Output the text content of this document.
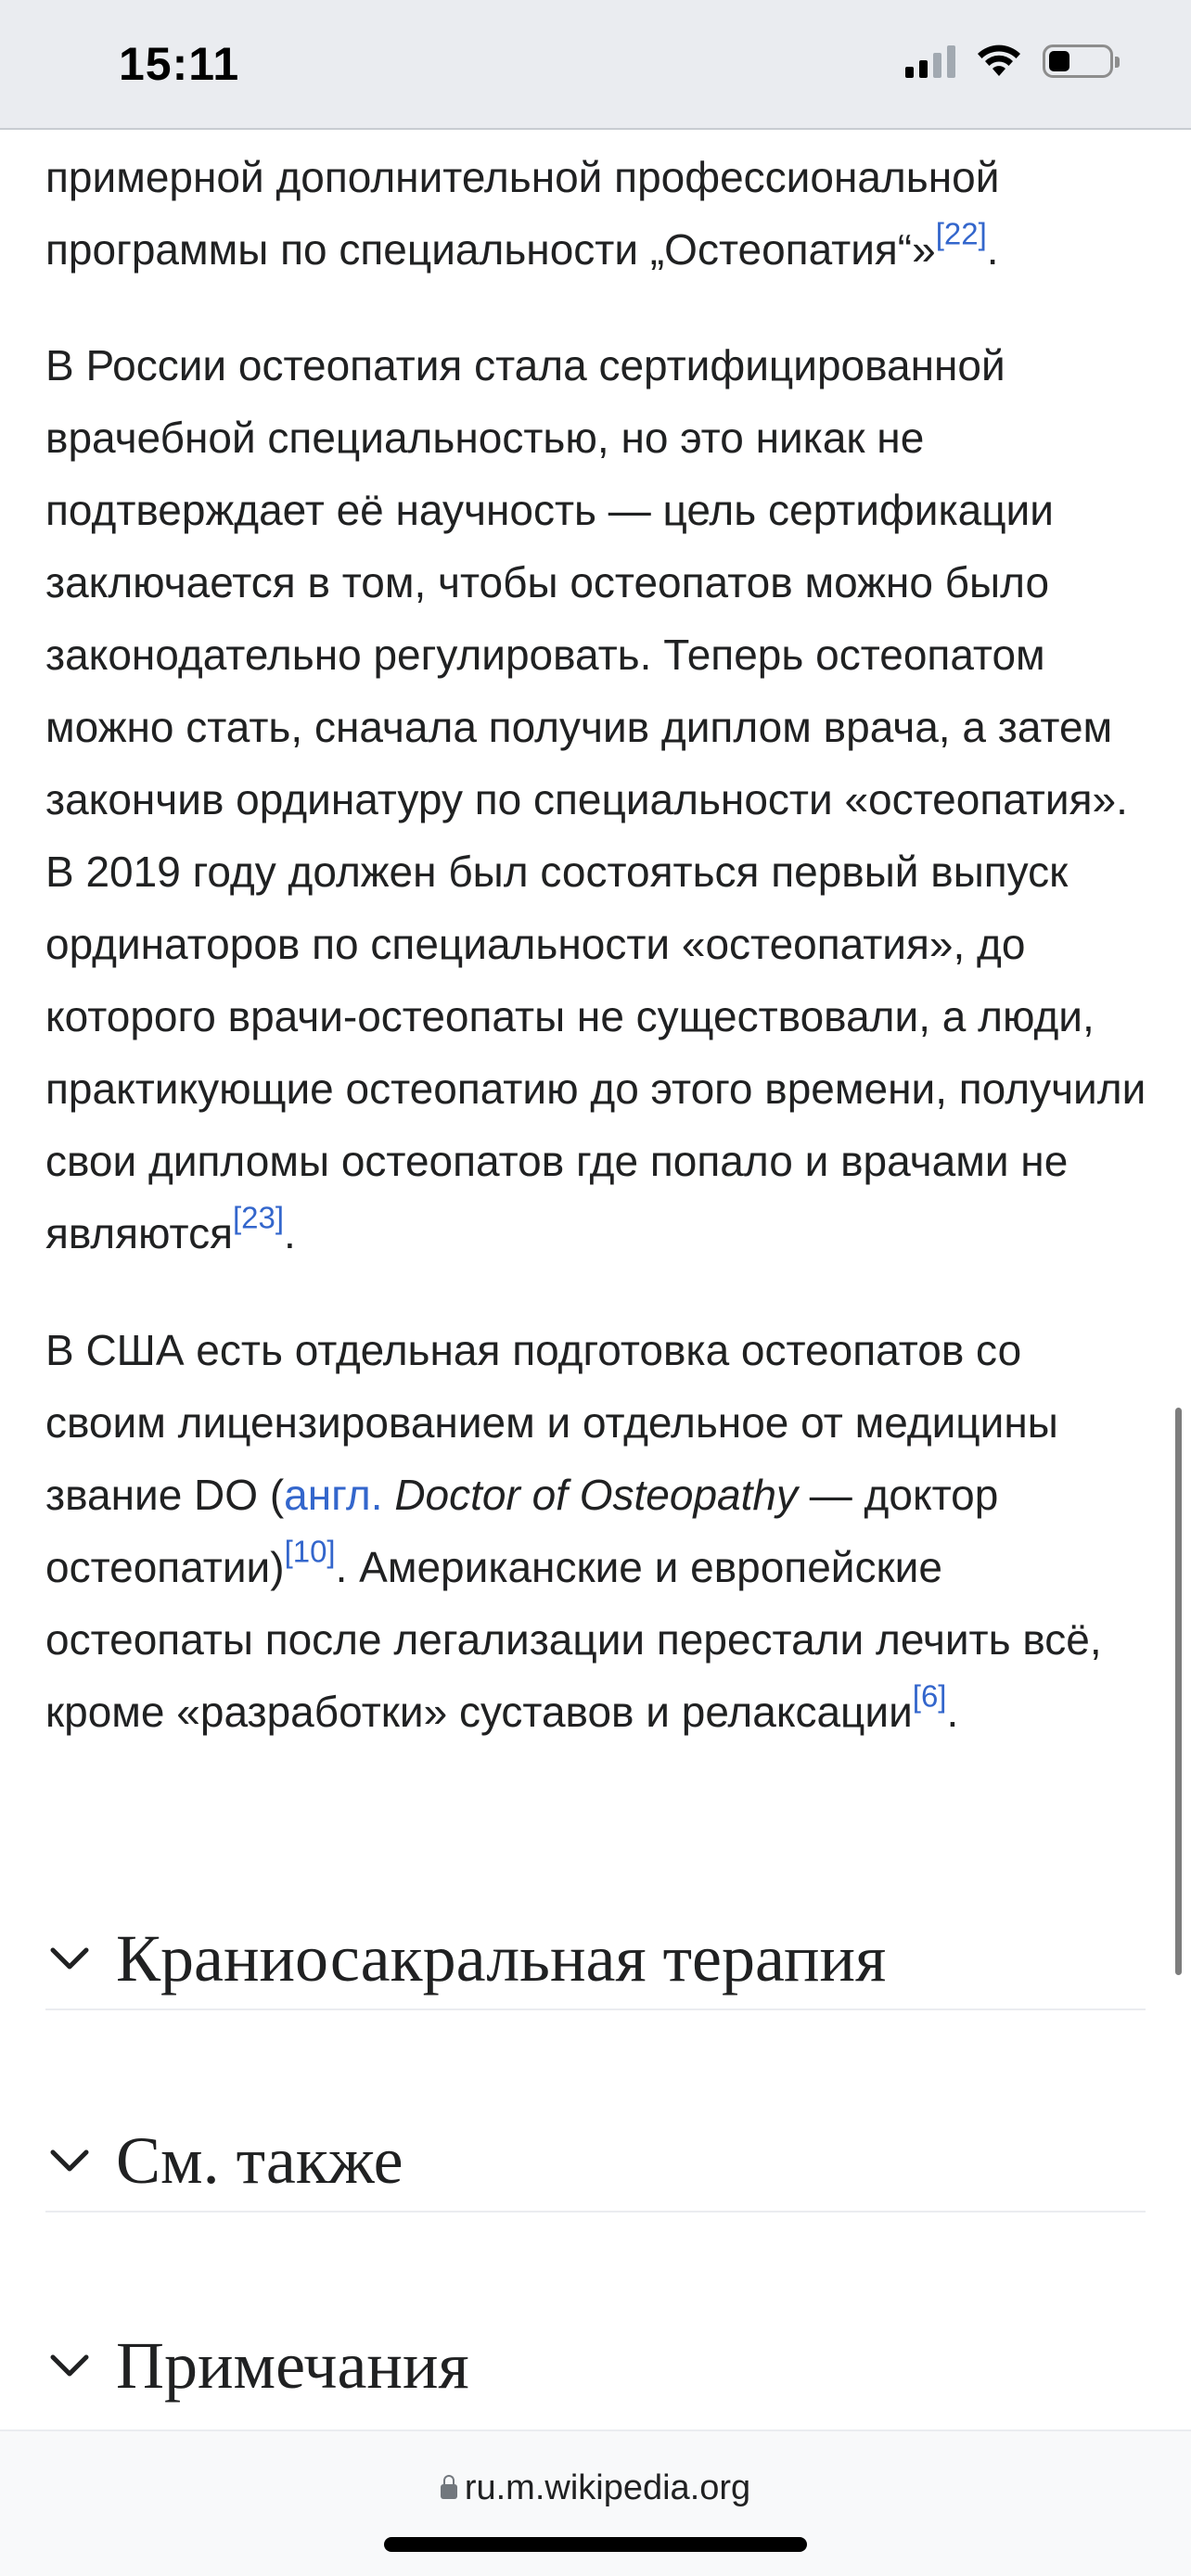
15:11

примерной дополнительной профессиональной
программы по специальности „Остеопатия“»[22].

В России остеопатия стала сертифицированной врачебной специальностью, но это никак не подтверждает её научность — цель сертификации заключается в том, чтобы остеопатов можно было законодательно регулировать. Теперь остеопатом можно стать, сначала получив диплом врача, а затем закончив ординатуру по специальности «остеопатия». В 2019 году должен был состояться первый выпуск ординаторов по специальности «остеопатия», до которого врачи-остеопаты не существовали, а люди, практикующие остеопатию до этого времени, получили свои дипломы остеопатов где попало и врачами не являются[23].

В США есть отдельная подготовка остеопатов со своим лицензированием и отдельное от медицины звание DO (англ. Doctor of Osteopathy — доктор остеопатии)[10]. Американские и европейские остеопаты после легализации перестали лечить всё, кроме «разработки» суставов и релаксации[6].

Краниосакральная терапия
См. также
Примечания
ru.m.wikipedia.org
